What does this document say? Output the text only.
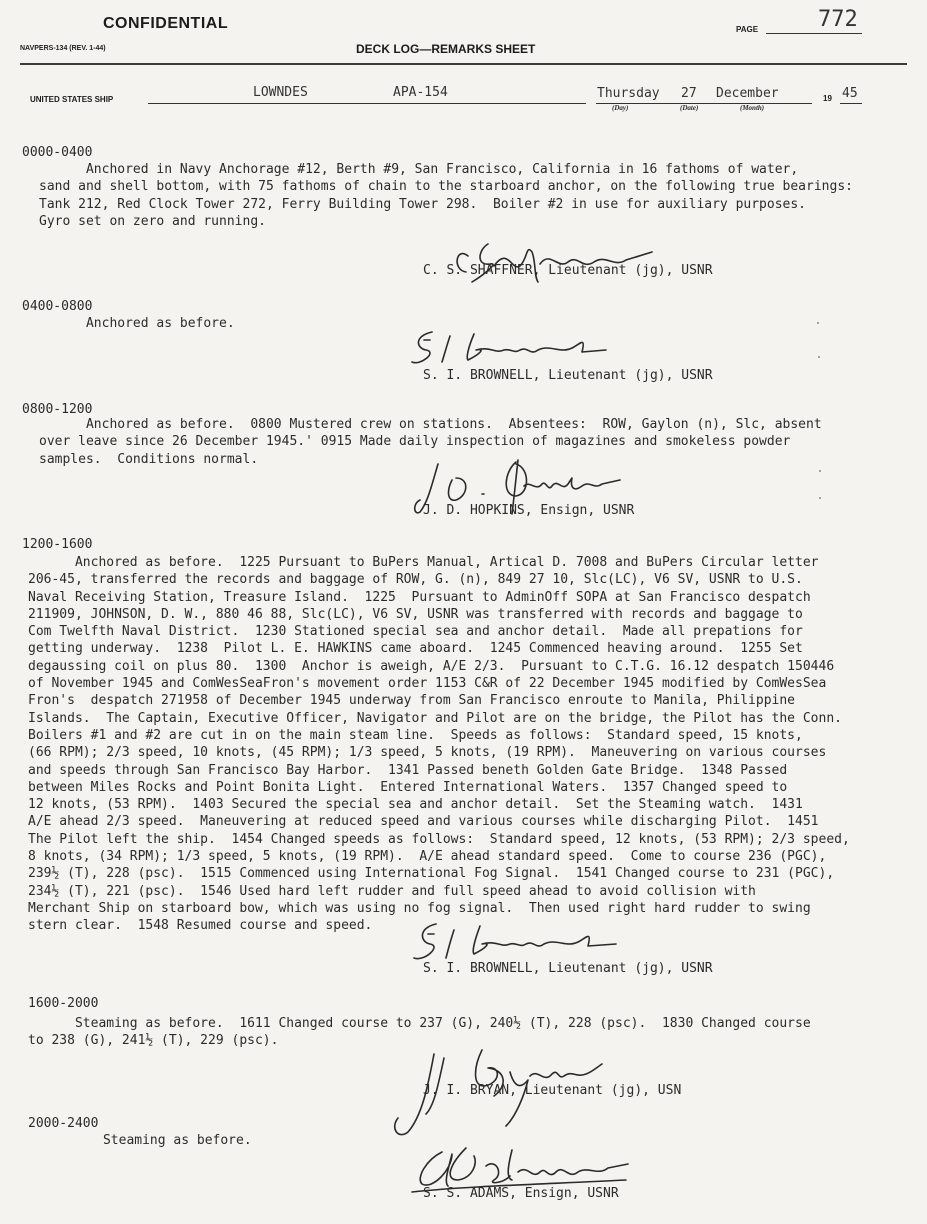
CONFIDENTIAL
NAVPERS-134 (REV. 1-44)	DECK LOG—REMARKS SHEET
PAGE	772
UNITED STATES SHIP	LOWNDES	APA-154	Thursday 27 December	19 45
(Day)	(Date)	(Month)
0000-0400
Anchored in Navy Anchorage #12, Berth #9, San Francisco, California in 16 fathoms of water,
sand and shell bottom, with 75 fathoms of chain to the starboard anchor, on the following true bearings:
Tank 212, Red Clock Tower 272, Ferry Building Tower 298.  Boiler #2 in use for auxiliary purposes.
Gyro set on zero and running.
C. S. SHAFFNER, Lieutenant (jg), USNR
0400-0800
Anchored as before.
S. I. BROWNELL, Lieutenant (jg), USNR
0800-1200
Anchored as before.  0800 Mustered crew on stations.  Absentees:  ROW, Gaylon (n), Slc, absent
over leave since 26 December 1945.' 0915 Made daily inspection of magazines and smokeless powder
samples.  Conditions normal.
J. D. HOPKINS, Ensign, USNR
1200-1600
Anchored as before.  1225 Pursuant to BuPers Manual, Artical D. 7008 and BuPers Circular letter
206-45, transferred the records and baggage of ROW, G. (n), 849 27 10, Slc(LC), V6 SV, USNR to U.S.
Naval Receiving Station, Treasure Island.  1225  Pursuant to AdminOff SOPA at San Francisco despatch
211909, JOHNSON, D. W., 880 46 88, Slc(LC), V6 SV, USNR was transferred with records and baggage to
Com Twelfth Naval District.  1230 Stationed special sea and anchor detail.  Made all prepations for
getting underway.  1238  Pilot L. E. HAWKINS came aboard.  1245 Commenced heaving around.  1255 Set
degaussing coil on plus 80.  1300  Anchor is aweigh, A/E 2/3.  Pursuant to C.T.G. 16.12 despatch 150446
of November 1945 and ComWesSeaFron's movement order 1153 C&R of 22 December 1945 modified by ComWesSea
Fron's  despatch 271958 of December 1945 underway from San Francisco enroute to Manila, Philippine
Islands.  The Captain, Executive Officer, Navigator and Pilot are on the bridge, the Pilot has the Conn.
Boilers #1 and #2 are cut in on the main steam line.  Speeds as follows:  Standard speed, 15 knots,
(66 RPM); 2/3 speed, 10 knots, (45 RPM); 1/3 speed, 5 knots, (19 RPM).  Maneuvering on various courses
and speeds through San Francisco Bay Harbor.  1341 Passed beneth Golden Gate Bridge.  1348 Passed
between Miles Rocks and Point Bonita Light.  Entered International Waters.  1357 Changed speed to
12 knots, (53 RPM).  1403 Secured the special sea and anchor detail.  Set the Steaming watch.  1431
A/E ahead 2/3 speed.  Maneuvering at reduced speed and various courses while discharging Pilot.  1451
The Pilot left the ship.  1454 Changed speeds as follows:  Standard speed, 12 knots, (53 RPM); 2/3 speed,
8 knots, (34 RPM); 1/3 speed, 5 knots, (19 RPM).  A/E ahead standard speed.  Come to course 236 (PGC),
239½ (T), 228 (psc).  1515 Commenced using International Fog Signal.  1541 Changed course to 231 (PGC),
234½ (T), 221 (psc).  1546 Used hard left rudder and full speed ahead to avoid collision with
Merchant Ship on starboard bow, which was using no fog signal.  Then used right hard rudder to swing
stern clear.  1548 Resumed course and speed.
S. I. BROWNELL, Lieutenant (jg), USNR
1600-2000
Steaming as before.  1611 Changed course to 237 (G), 240½ (T), 228 (psc).  1830 Changed course
to 238 (G), 241½ (T), 229 (psc).
J. I. BRYAN, Lieutenant (jg), USN
2000-2400
Steaming as before.
S. S. ADAMS, Ensign, USNR
